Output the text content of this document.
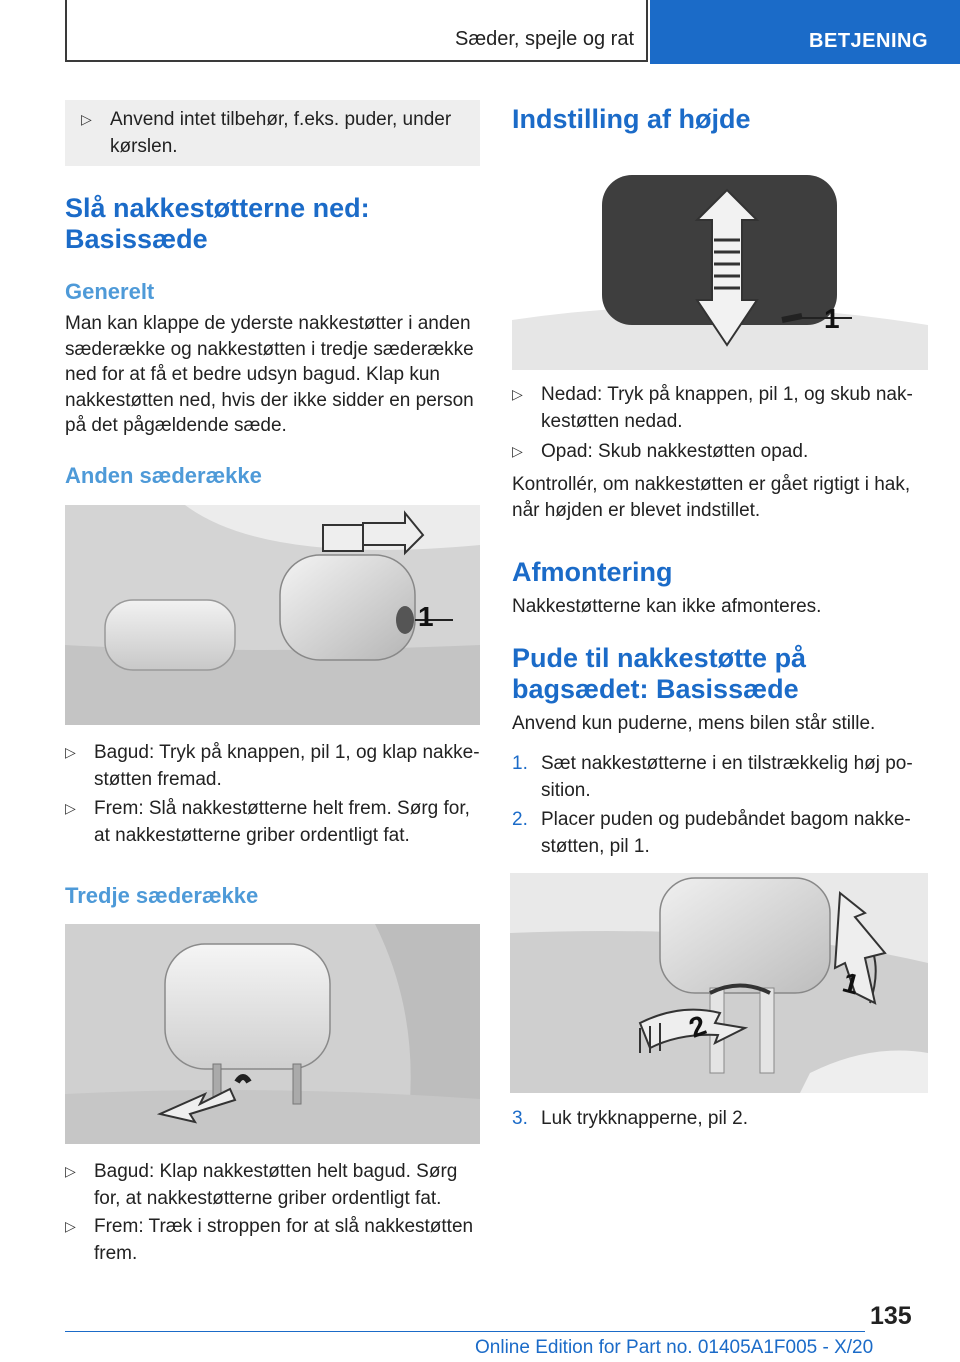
Sæder, spejle og rat	BETJENING
▷ Anvend intet tilbehør, f.eks. puder, under kørslen.
Slå nakkestøtterne ned:
Basissæde
Generelt
Man kan klappe de yderste nakkestøtter i anden sæderække og nakkestøtten i tredje sæderække ned for at få et bedre udsyn bagud. Klap kun nakkestøtten ned, hvis der ikke sidder en person på det pågældende sæde.
Anden sæderække
1
▷ Bagud: Tryk på knappen, pil 1, og klap nakke-støtten fremad.
▷ Frem: Slå nakkestøtterne helt frem. Sørg for, at nakkestøtterne griber ordentligt fat.
Tredje sæderække
▷ Bagud: Klap nakkestøtten helt bagud. Sørg for, at nakkestøtterne griber ordentligt fat.
▷ Frem: Træk i stroppen for at slå nakkestøtten frem.
Indstilling af højde
1
▷ Nedad: Tryk på knappen, pil 1, og skub nak-kestøtten nedad.
▷ Opad: Skub nakkestøtten opad.
Kontrollér, om nakkestøtten er gået rigtigt i hak, når højden er blevet indstillet.
Afmontering
Nakkestøtterne kan ikke afmonteres.
Pude til nakkestøtte på
bagsædet: Basissæde
Anvend kun puderne, mens bilen står stille.
1. Sæt nakkestøtterne i en tilstrækkelig høj po-sition.
2. Placer puden og pudebåndet bagom nakke-støtten, pil 1.
1
2
3. Luk trykknapperne, pil 2.
135
Online Edition for Part no. 01405A1F005 - X/20
